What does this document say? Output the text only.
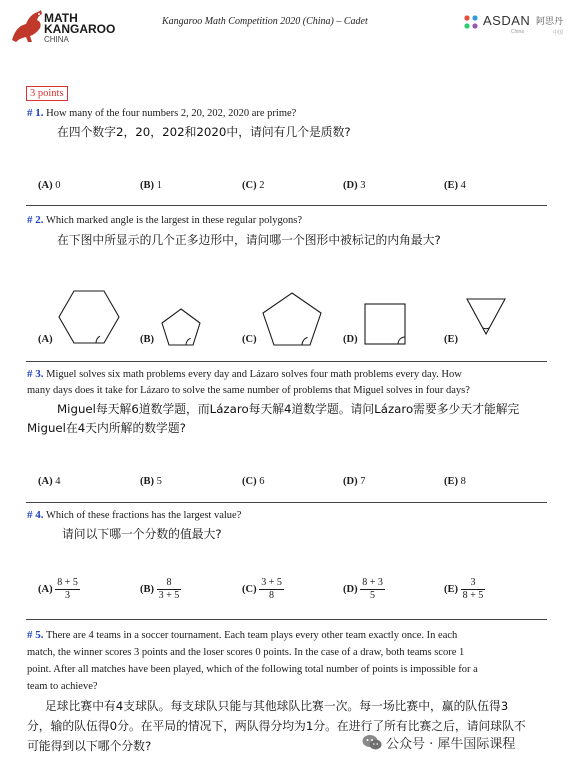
MATH
KANGAROO
CHINA
Kangaroo Math Competition 2020 (China) – Cadet	ASDAN 阿思丹
China	中国
3 points
# 1. How many of the four numbers 2, 20, 202, 2020 are prime?
在四个数字2，20，202和2020中，请问有几个是质数?
(A) 0	(B) 1	(C) 2	(D) 3	(E) 4
# 2. Which marked angle is the largest in these regular polygons?
在下图中所显示的几个正多边形中，请问哪一个图形中被标记的内角最大?
(A)	(B)	(C)	(D)	(E)
# 3. Miguel solves six math problems every day and Lázaro solves four math problems every day. How
many days does it take for Lázaro to solve the same number of problems that Miguel solves in four days?
Miguel每天解6道数学题，而Lázaro每天解4道数学题。请问Lázaro需要多少天才能解完
Miguel在4天内所解的数学题?
(A) 4	(B) 5	(C) 6	(D) 7	(E) 8
# 4. Which of these fractions has the largest value?
请问以下哪一个分数的值最大?
$(A) \frac{8 + 5}{3}$	$(B) \frac{8}{3 + 5}$	$(C) \frac{3 + 5}{8}$	$(D) \frac{8 + 3}{5}$	$(E) \frac{3}{8 + 5}$
# 5. There are 4 teams in a soccer tournament. Each team plays every other team exactly once. In each
match, the winner scores 3 points and the loser scores 0 points. In the case of a draw, both teams score 1
point. After all matches have been played, which of the following total number of points is impossible for a
team to achieve?
足球比赛中有4支球队。每支球队只能与其他球队比赛一次。每一场比赛中，赢的队伍得3
分，输的队伍得0分。在平局的情况下，两队得分均为1分。在进行了所有比赛之后，请问球队不
可能得到以下哪个分数?	公众号 · 犀牛国际课程
